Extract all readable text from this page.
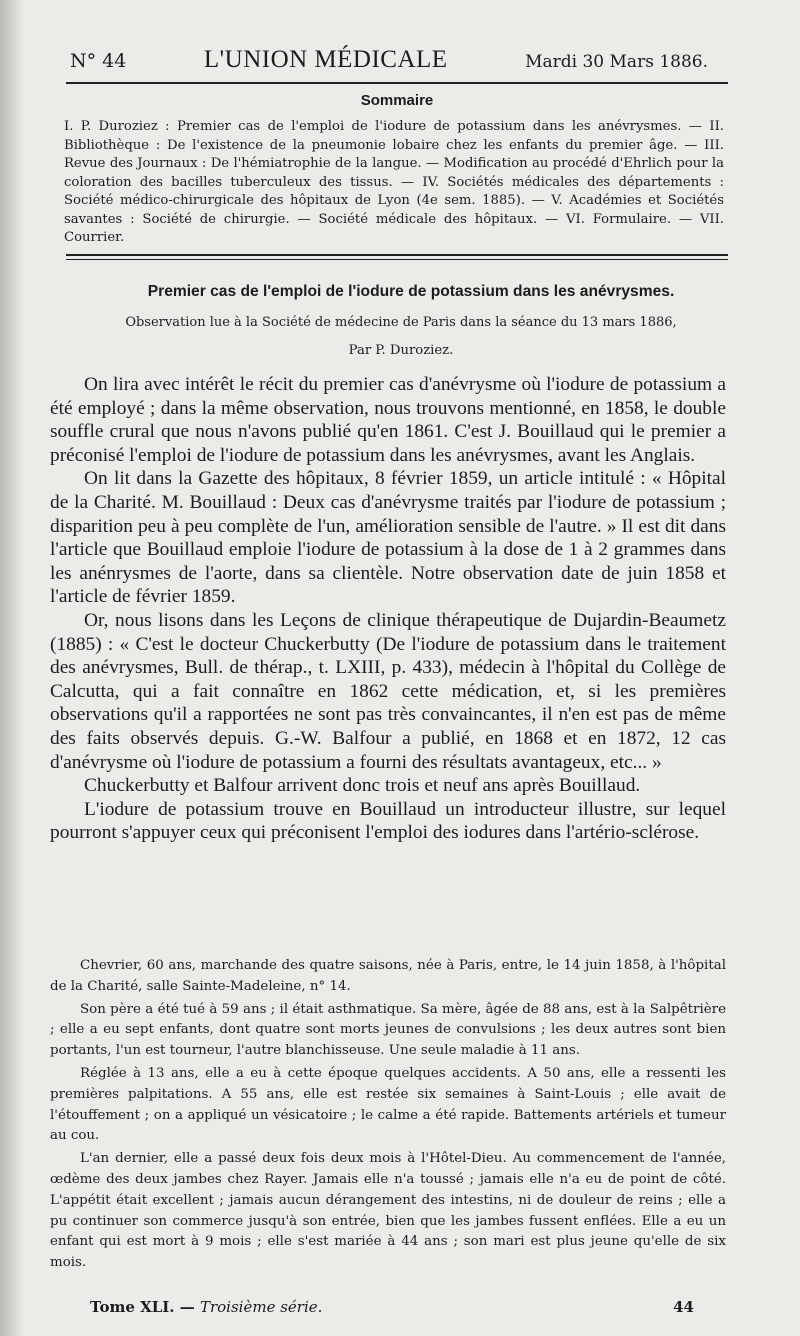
N° 44	L'UNION MÉDICALE	Mardi 30 Mars 1886.
Sommaire
I. P. Duroziez : Premier cas de l'emploi de l'iodure de potassium dans les anévrysmes. — II. Bibliothèque : De l'existence de la pneumonie lobaire chez les enfants du premier âge. — III. Revue des Journaux : De l'hémiatrophie de la langue. — Modification au procédé d'Ehrlich pour la coloration des bacilles tuberculeux des tissus. — IV. Sociétés médicales des départements : Société médico-chirurgicale des hôpitaux de Lyon (4e sem. 1885). — V. Académies et Sociétés savantes : Société de chirurgie. — Société médicale des hôpitaux. — VI. Formulaire. — VII. Courrier.
Premier cas de l'emploi de l'iodure de potassium dans les anévrysmes.
Observation lue à la Société de médecine de Paris dans la séance du 13 mars 1886,
Par P. Duroziez.

On lira avec intérêt le récit du premier cas d'anévrysme où l'iodure de potassium a été employé ; dans la même observation, nous trouvons mentionné, en 1858, le double souffle crural que nous n'avons publié qu'en 1861. C'est J. Bouillaud qui le premier a préconisé l'emploi de l'iodure de potassium dans les anévrysmes, avant les Anglais.

On lit dans la Gazette des hôpitaux, 8 février 1859, un article intitulé : « Hôpital de la Charité. M. Bouillaud : Deux cas d'anévrysme traités par l'iodure de potassium ; disparition peu à peu complète de l'un, amélioration sensible de l'autre. » Il est dit dans l'article que Bouillaud emploie l'iodure de potassium à la dose de 1 à 2 grammes dans les anénrysmes de l'aorte, dans sa clientèle. Notre observation date de juin 1858 et l'article de février 1859.

Or, nous lisons dans les Leçons de clinique thérapeutique de Dujardin-Beaumetz (1885) : « C'est le docteur Chuckerbutty (De l'iodure de potassium dans le traitement des anévrysmes, Bull. de thérap., t. LXIII, p. 433), médecin à l'hôpital du Collège de Calcutta, qui a fait connaître en 1862 cette médication, et, si les premières observations qu'il a rapportées ne sont pas très convaincantes, il n'en est pas de même des faits observés depuis. G.-W. Balfour a publié, en 1868 et en 1872, 12 cas d'anévrysme où l'iodure de potassium a fourni des résultats avantageux, etc... »

Chuckerbutty et Balfour arrivent donc trois et neuf ans après Bouillaud.

L'iodure de potassium trouve en Bouillaud un introducteur illustre, sur lequel pourront s'appuyer ceux qui préconisent l'emploi des iodures dans l'artério-sclérose.

Chevrier, 60 ans, marchande des quatre saisons, née à Paris, entre, le 14 juin 1858, à l'hôpital de la Charité, salle Sainte-Madeleine, n° 14.

Son père a été tué à 59 ans ; il était asthmatique. Sa mère, âgée de 88 ans, est à la Salpêtrière ; elle a eu sept enfants, dont quatre sont morts jeunes de convulsions ; les deux autres sont bien portants, l'un est tourneur, l'autre blanchisseuse. Une seule maladie à 11 ans.

Réglée à 13 ans, elle a eu à cette époque quelques accidents. A 50 ans, elle a ressenti les premières palpitations. A 55 ans, elle est restée six semaines à Saint-Louis ; elle avait de l'étouffement ; on a appliqué un vésicatoire ; le calme a été rapide. Battements artériels et tumeur au cou.

L'an dernier, elle a passé deux fois deux mois à l'Hôtel-Dieu. Au commencement de l'année, œdème des deux jambes chez Rayer. Jamais elle n'a toussé ; jamais elle n'a eu de point de côté. L'appétit était excellent ; jamais aucun dérangement des intestins, ni de douleur de reins ; elle a pu continuer son commerce jusqu'à son entrée, bien que les jambes fussent enflées. Elle a eu un enfant qui est mort à 9 mois ; elle s'est mariée à 44 ans ; son mari est plus jeune qu'elle de six mois.

Tome XLI. — Troisième série.	44
